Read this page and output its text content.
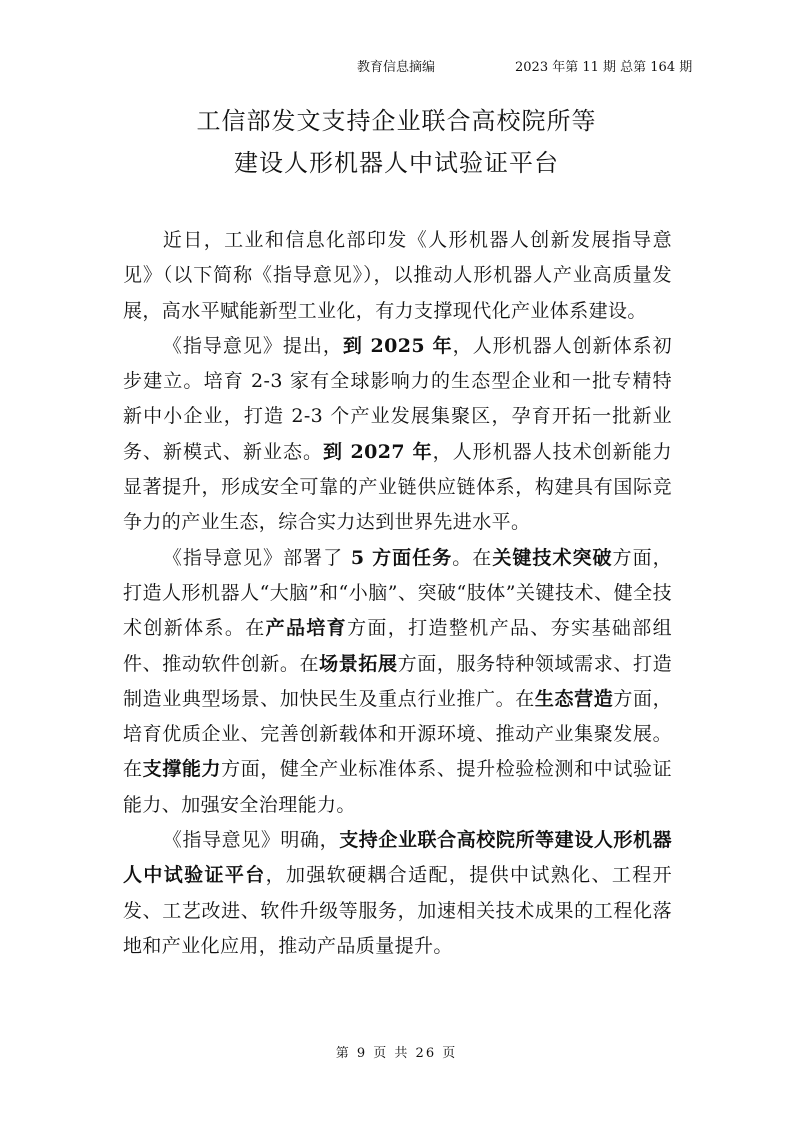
教育信息摘编	2023 年第 11 期 总第 164 期
工信部发文支持企业联合高校院所等
建设人形机器人中试验证平台

近日，工业和信息化部印发《人形机器人创新发展指导意见》（以下简称《指导意见》），以推动人形机器人产业高质量发展，高水平赋能新型工业化，有力支撑现代化产业体系建设。

《指导意见》提出，到 2025 年，人形机器人创新体系初步建立。培育 2-3 家有全球影响力的生态型企业和一批专精特新中小企业，打造 2-3 个产业发展集聚区，孕育开拓一批新业务、新模式、新业态。到 2027 年，人形机器人技术创新能力显著提升，形成安全可靠的产业链供应链体系，构建具有国际竞争力的产业生态，综合实力达到世界先进水平。

《指导意见》部署了 5 方面任务。在关键技术突破方面，打造人形机器人“大脑”和“小脑”、突破“肢体”关键技术、健全技术创新体系。在产品培育方面，打造整机产品、夯实基础部组件、推动软件创新。在场景拓展方面，服务特种领域需求、打造制造业典型场景、加快民生及重点行业推广。在生态营造方面，培育优质企业、完善创新载体和开源环境、推动产业集聚发展。在支撑能力方面，健全产业标准体系、提升检验检测和中试验证能力、加强安全治理能力。

《指导意见》明确，支持企业联合高校院所等建设人形机器人中试验证平台，加强软硬耦合适配，提供中试熟化、工程开发、工艺改进、软件升级等服务，加速相关技术成果的工程化落地和产业化应用，推动产品质量提升。

第 9 页 共 26 页
